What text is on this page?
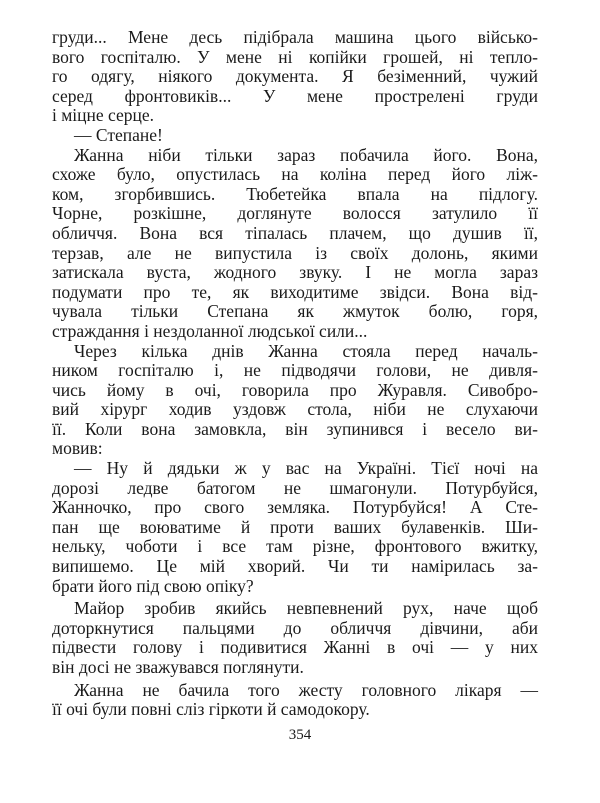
груди... Мене десь підібрала машина цього військо-
вого госпіталю. У мене ні копійки грошей, ні тепло-
го одягу, ніякого документа. Я безіменний, чужий
серед фронтовиків... У мене прострелені груди
і міцне серце.
— Степане!
Жанна ніби тільки зараз побачила його. Вона,
схоже було, опустилась на коліна перед його ліж-
ком, згорбившись. Тюбетейка впала на підлогу.
Чорне, розкішне, доглянуте волосся затулило її
обличчя. Вона вся тіпалась плачем, що душив її,
терзав, але не випустила із своїх долонь, якими
затискала вуста, жодного звуку. І не могла зараз
подумати про те, як виходитиме звідси. Вона від-
чувала тільки Степана як жмуток болю, горя,
страждання і нездоланної людської сили...
Через кілька днів Жанна стояла перед началь-
ником госпіталю і, не підводячи голови, не дивля-
чись йому в очі, говорила про Журавля. Сивобро-
вий хірург ходив уздовж стола, ніби не слухаючи
її. Коли вона замовкла, він зупинився і весело ви-
мовив:
— Ну й дядьки ж у вас на Україні. Тієї ночі на
дорозі ледве батогом не шмагонули. Потурбуйся,
Жанночко, про свого земляка. Потурбуйся! А Сте-
пан ще воюватиме й проти ваших булавенків. Ши-
нельку, чоботи і все там різне, фронтового вжитку,
випишемо. Це мій хворий. Чи ти намірилась за-
брати його під свою опіку?
Майор зробив якийсь невпевнений рух, наче щоб
доторкнутися пальцями до обличчя дівчини, аби
підвести голову і подивитися Жанні в очі — у них
він досі не зважувався поглянути.
Жанна не бачила того жесту головного лікаря —
її очі були повні сліз гіркоти й самодокору.
354
